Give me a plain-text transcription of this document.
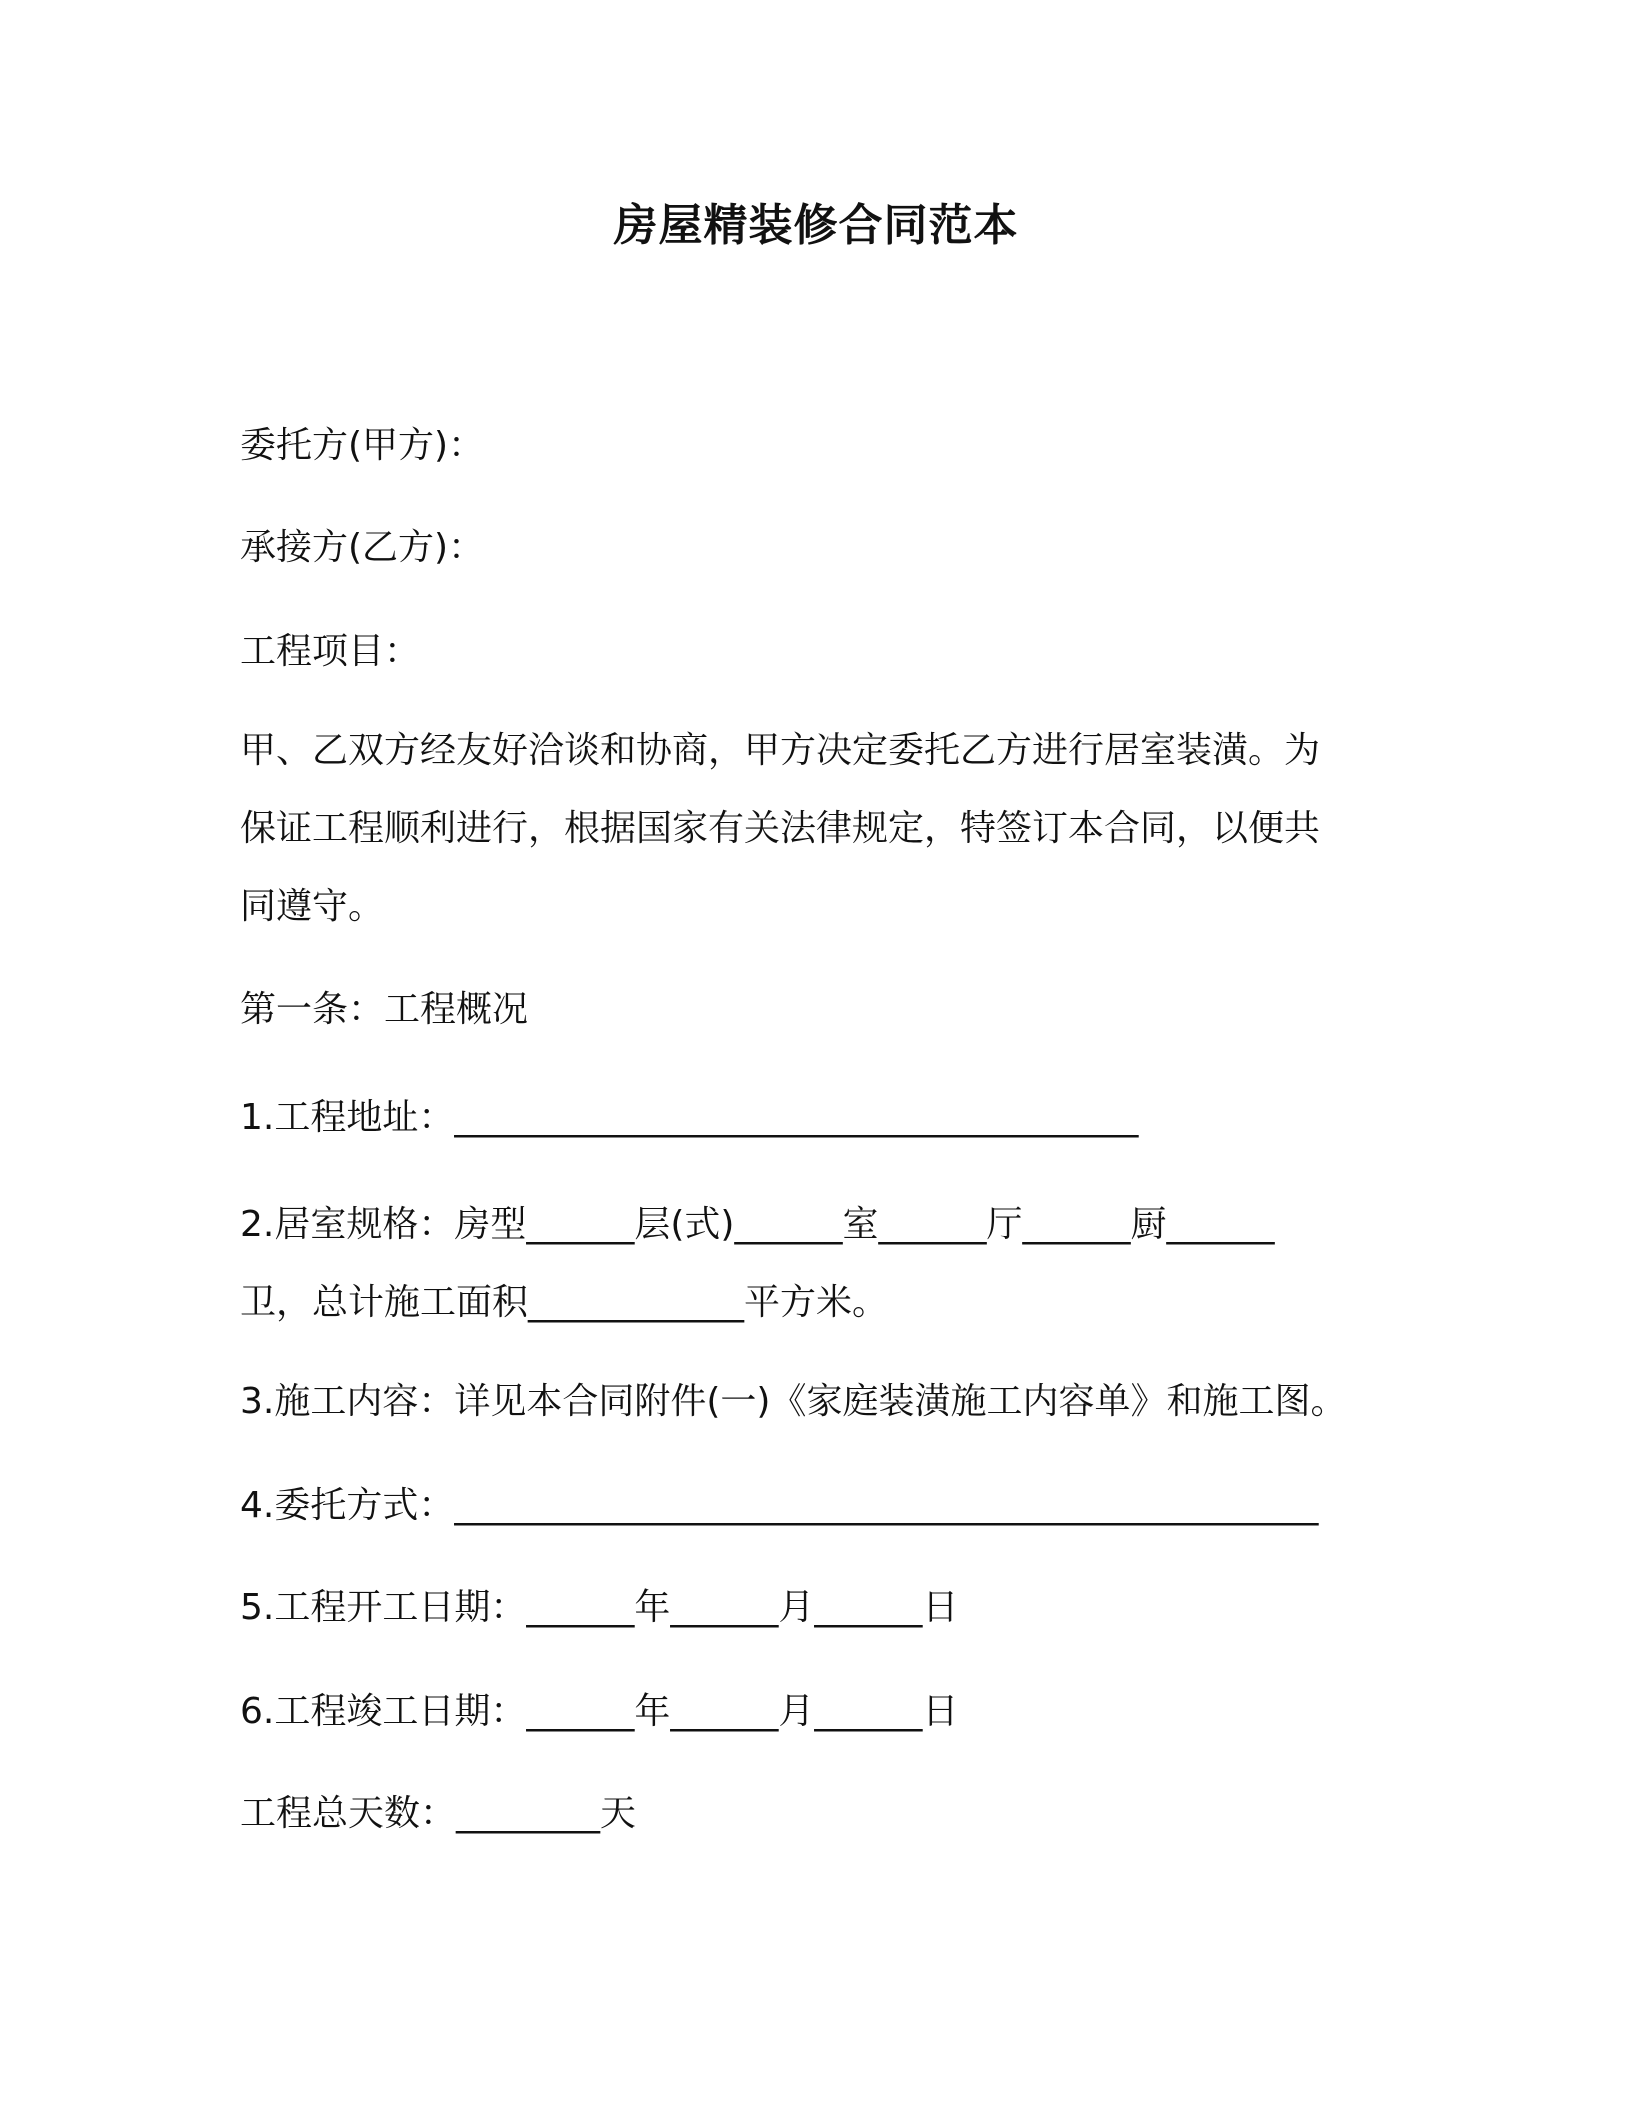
房屋精装修合同范本
委托方(甲方)：
承接方(乙方)：
工程项目：
甲、乙双方经友好洽谈和协商，甲方决定委托乙方进行居室装潢。为
保证工程顺利进行，根据国家有关法律规定，特签订本合同，以便共
同遵守。
第一条：工程概况
1.工程地址：______________________________________
2.居室规格：房型______层(式)______室______厅______厨______
卫，总计施工面积____________平方米。
3.施工内容：详见本合同附件(一)《家庭装潢施工内容单》和施工图。
4.委托方式：________________________________________________
5.工程开工日期：______年______月______日
6.工程竣工日期：______年______月______日
工程总天数：________天
